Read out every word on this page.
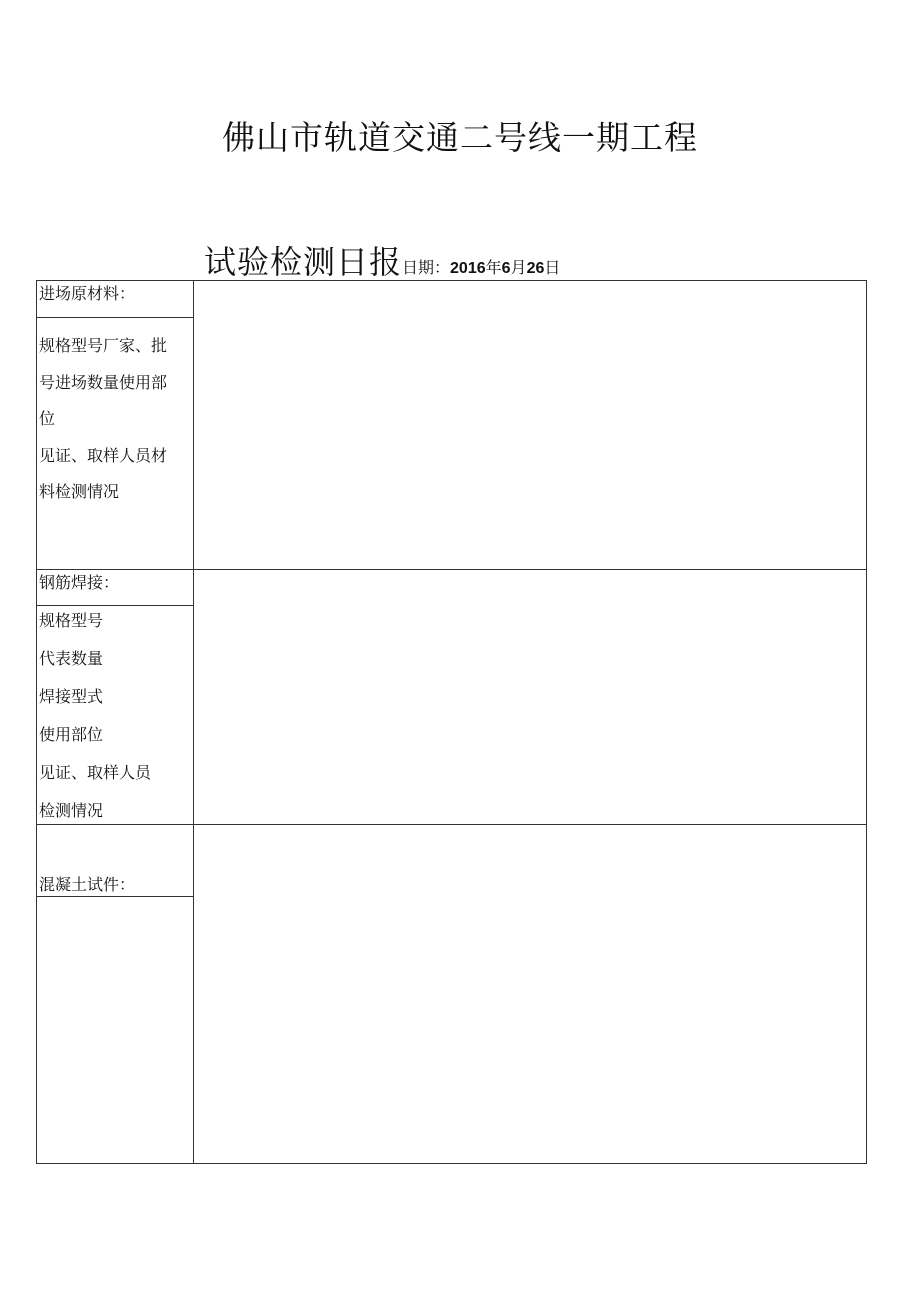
佛山市轨道交通二号线一期工程
试验检测日报日期：2016年6月26日
进场原材料：
规格型号厂家、批
号进场数量使用部
位
见证、取样人员材
料检测情况
钢筋焊接：
规格型号
代表数量
焊接型式
使用部位
见证、取样人员
检测情况
混凝土试件：
